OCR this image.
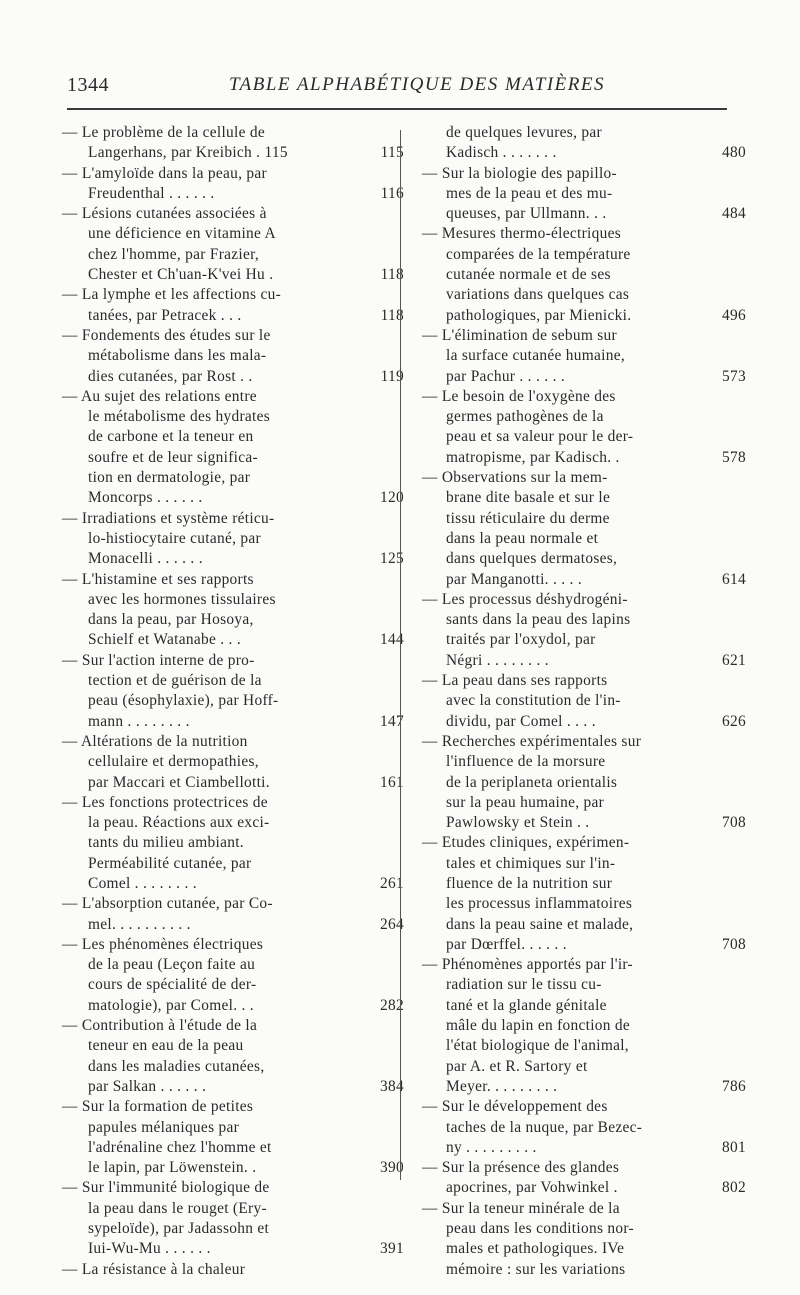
1344	TABLE ALPHABÉTIQUE DES MATIÈRES
— Le problème de la cellule de
Langerhans, par Kreibich . 115	115
— L'amyloïde dans la peau, par
Freudenthal . . . . . .	116
— Lésions cutanées associées à
une déficience en vitamine A
chez l'homme, par Frazier,
Chester et Ch'uan-K'vei Hu .	118
— La lymphe et les affections cu-
tanées, par Petracek . . .	118
— Fondements des études sur le
métabolisme dans les mala-
dies cutanées, par Rost . .	119
— Au sujet des relations entre
le métabolisme des hydrates
de carbone et la teneur en
soufre et de leur significa-
tion en dermatologie, par
Moncorps . . . . . .	120
— Irradiations et système réticu-
lo-histiocytaire cutané, par
Monacelli . . . . . .	125
— L'histamine et ses rapports
avec les hormones tissulaires
dans la peau, par Hosoya,
Schielf et Watanabe . . .	144
— Sur l'action interne de pro-
tection et de guérison de la
peau (ésophylaxie), par Hoff-
mann . . . . . . . .	147
— Altérations de la nutrition
cellulaire et dermopathies,
par Maccari et Ciambellotti.	161
— Les fonctions protectrices de
la peau. Réactions aux exci-
tants du milieu ambiant.
Perméabilité cutanée, par
Comel . . . . . . . .	261
— L'absorption cutanée, par Co-
mel. . . . . . . . . .	264
— Les phénomènes électriques
de la peau (Leçon faite au
cours de spécialité de der-
matologie), par Comel. . .	282
— Contribution à l'étude de la
teneur en eau de la peau
dans les maladies cutanées,
par Salkan . . . . . .	384
— Sur la formation de petites
papules mélaniques par
l'adrénaline chez l'homme et
le lapin, par Löwenstein. .	390
— Sur l'immunité biologique de
la peau dans le rouget (Ery-
sypeloïde), par Jadassohn et
Iui-Wu-Mu . . . . . .	391
— La résistance à la chaleur
de quelques levures, par
Kadisch . . . . . . .	480
— Sur la biologie des papillo-
mes de la peau et des mu-
queuses, par Ullmann. . .	484
— Mesures thermo-électriques
comparées de la température
cutanée normale et de ses
variations dans quelques cas
pathologiques, par Mienicki.	496
— L'élimination de sebum sur
la surface cutanée humaine,
par Pachur . . . . . .	573
— Le besoin de l'oxygène des
germes pathogènes de la
peau et sa valeur pour le der-
matropisme, par Kadisch. .	578
— Observations sur la mem-
brane dite basale et sur le
tissu réticulaire du derme
dans la peau normale et
dans quelques dermatoses,
par Manganotti. . . . .	614
— Les processus déshydrogéni-
sants dans la peau des lapins
traités par l'oxydol, par
Négri . . . . . . . .	621
— La peau dans ses rapports
avec la constitution de l'in-
dividu, par Comel . . . .	626
— Recherches expérimentales sur
l'influence de la morsure
de la periplaneta orientalis
sur la peau humaine, par
Pawlowsky et Stein . .	708
— Etudes cliniques, expérimen-
tales et chimiques sur l'in-
fluence de la nutrition sur
les processus inflammatoires
dans la peau saine et malade,
par Dœrffel. . . . . .	708
— Phénomènes apportés par l'ir-
radiation sur le tissu cu-
tané et la glande génitale
mâle du lapin en fonction de
l'état biologique de l'animal,
par A. et R. Sartory et
Meyer. . . . . . . . .	786
— Sur le développement des
taches de la nuque, par Bezec-
ny . . . . . . . . .	801
— Sur la présence des glandes
apocrines, par Vohwinkel .	802
— Sur la teneur minérale de la
peau dans les conditions nor-
males et pathologiques. IVe
mémoire : sur les variations
